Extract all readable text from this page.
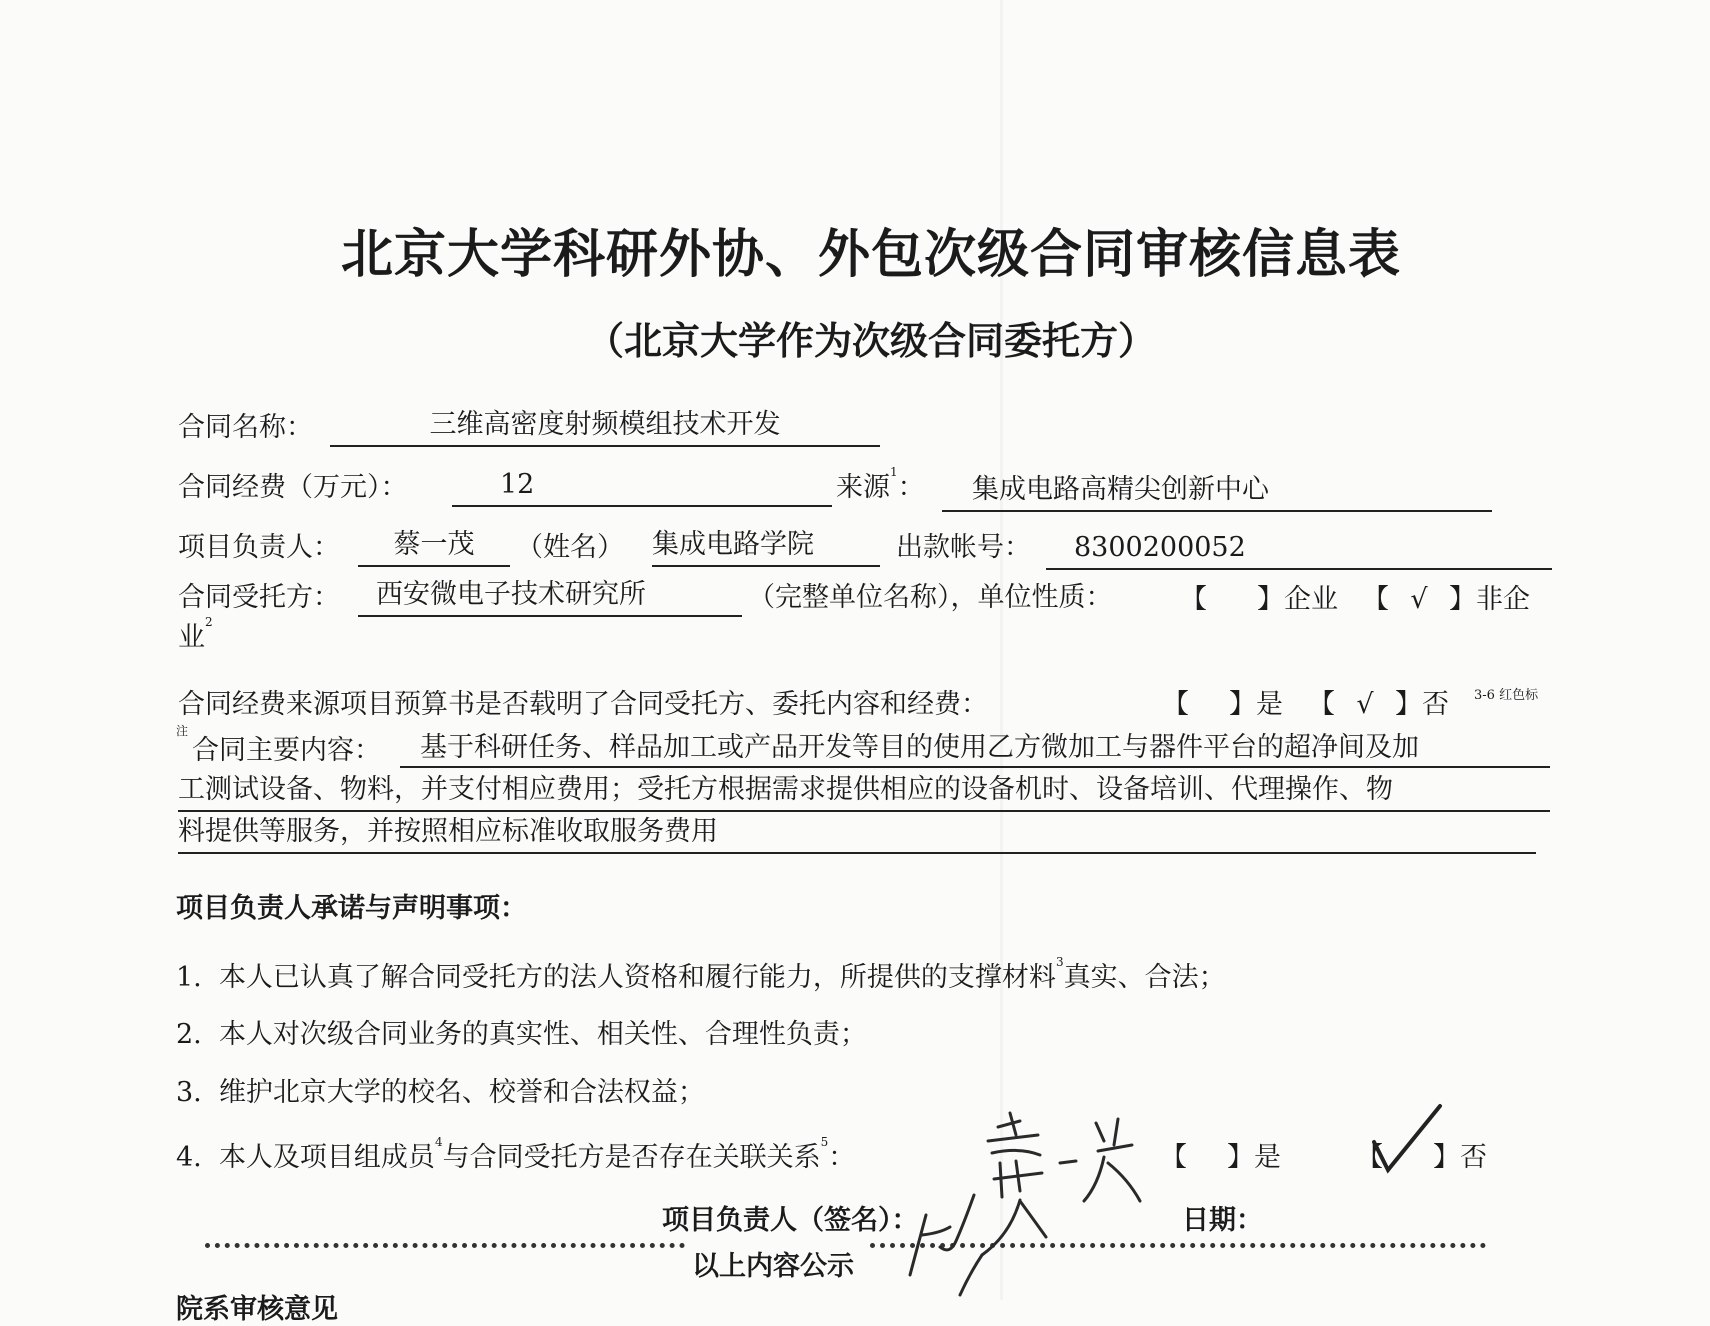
北京大学科研外协、外包次级合同审核信息表
（北京大学作为次级合同委托方）
合同名称：	三维高密度射频模组技术开发
合同经费（万元）：	12	来源$^1$：	集成电路高精尖创新中心
项目负责人：	蔡一茂	（姓名） 集成电路学院	出款帐号：	8300200052
合同受托方：	西安微电子技术研究所	（完整单位名称），单位性质：	【 】企业 【 √ 】非企
业$^2$
合同经费来源项目预算书是否载明了合同受托方、委托内容和经费：	【 】是 【 √ 】否 3-6 红色标
注
合同主要内容：	基于科研任务、样品加工或产品开发等目的使用乙方微加工与器件平台的超净间及加
工测试设备、物料，并支付相应费用；受托方根据需求提供相应的设备机时、设备培训、代理操作、物
料提供等服务，并按照相应标准收取服务费用
项目负责人承诺与声明事项：
1. 本人已认真了解合同受托方的法人资格和履行能力，所提供的支撑材料$^3$真实、合法；
2. 本人对次级合同业务的真实性、相关性、合理性负责；
3. 维护北京大学的校名、校誉和合法权益；
4. 本人及项目组成员$^4$与合同受托方是否存在关联关系$^5$：	【 】是	【 】否
项目负责人（签名）：	日期：
以上内容公示
院系审核意见
